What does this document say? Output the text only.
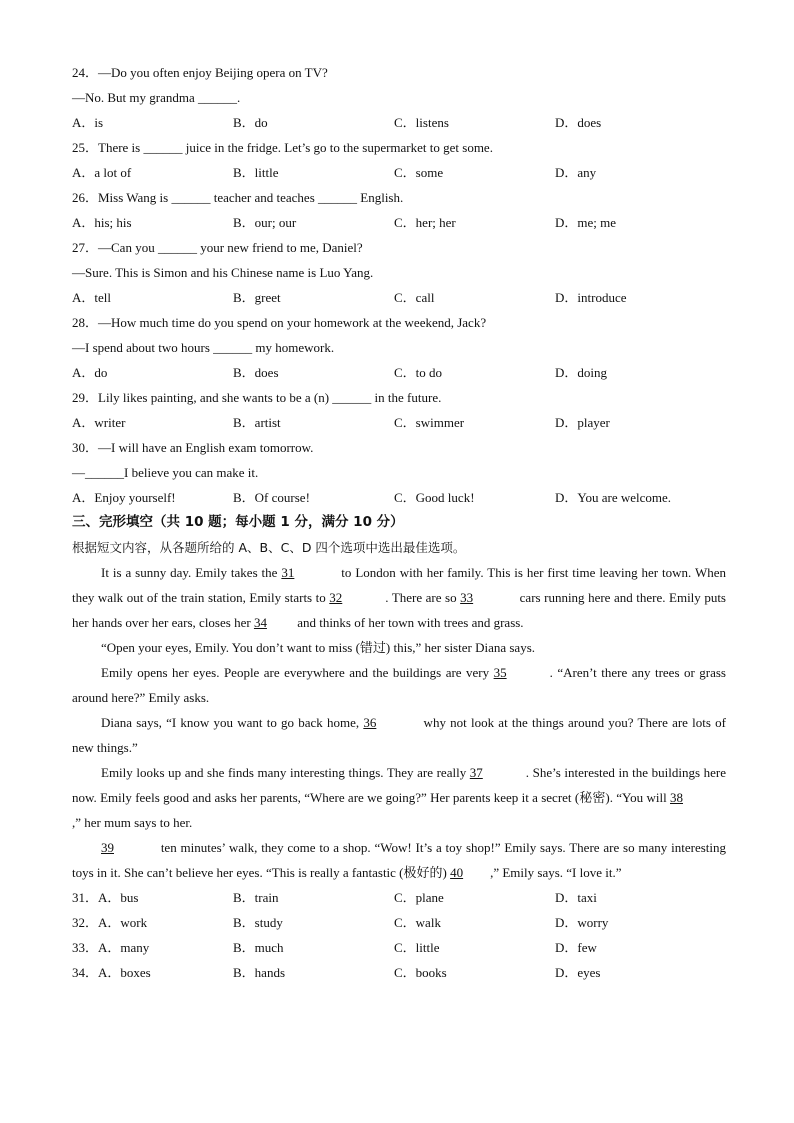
24．—Do you often enjoy Beijing opera on TV?
—No. But my grandma ______.
A．is	B．do	C．listens	D．does
25．There is ______ juice in the fridge. Let’s go to the supermarket to get some.
A．a lot of	B．little	C．some	D．any
26．Miss Wang is ______ teacher and teaches ______ English.
A．his; his	B．our; our	C．her; her	D．me; me
27．—Can you ______ your new friend to me, Daniel?
—Sure. This is Simon and his Chinese name is Luo Yang.
A．tell	B．greet	C．call	D．introduce
28．—How much time do you spend on your homework at the weekend, Jack?
—I spend about two hours ______ my homework.
A．do	B．does	C．to do	D．doing
29．Lily likes painting, and she wants to be a (n) ______ in the future.
A．writer	B．artist	C．swimmer	D．player
30．—I will have an English exam tomorrow.
—______I believe you can make it.
A．Enjoy yourself!	B．Of course!	C．Good luck!	D．You are welcome.
三、完形填空（共 10 题；每小题 1 分，满分 10 分）
根据短文内容，从各题所给的 A、B、C、D 四个选项中选出最佳选项。
It is a sunny day. Emily takes the 31	to London with her family. This is her first time leaving her town. When they walk out of the train station, Emily starts to 32	. There are so 33	cars running here and there. Emily puts her hands over her ears, closes her 34 and thinks of her town with trees and grass.
“Open your eyes, Emily. You don’t want to miss (错过) this,” her sister Diana says.
Emily opens her eyes. People are everywhere and the buildings are very 35	. “Aren’t there any trees or grass around here?” Emily asks.
Diana says, “I know you want to go back home, 36	why not look at the things around you? There are lots of new things.”
Emily looks up and she finds many interesting things. They are really 37	. She’s interested in the buildings here now. Emily feels good and asks her parents, “Where are we going?” Her parents keep it a secret (秘密). “You will 38,” her mum says to her.
39	ten minutes’ walk, they come to a shop. “Wow! It’s a toy shop!” Emily says. There are so many interesting toys in it. She can’t believe her eyes. “This is really a fantastic (极好的) 40 ,” Emily says. “I love it.”
31．A．bus	B．train	C．plane	D．taxi
32．A．work	B．study	C．walk	D．worry
33．A．many	B．much	C．little	D．few
34．A．boxes	B．hands	C．books	D．eyes
